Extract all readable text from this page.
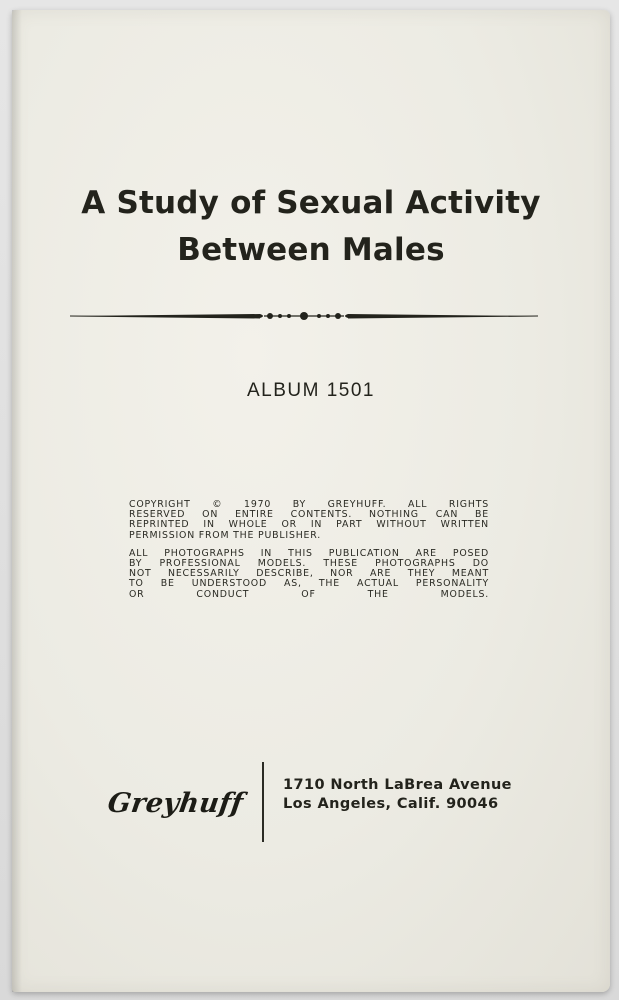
A Study of Sexual Activity
Between Males
ALBUM 1501

COPYRIGHT © 1970 BY GREYHUFF. ALL RIGHTS
RESERVED ON ENTIRE CONTENTS. NOTHING CAN BE
REPRINTED IN WHOLE OR IN PART WITHOUT WRITTEN
PERMISSION FROM THE PUBLISHER.

ALL PHOTOGRAPHS IN THIS PUBLICATION ARE POSED
BY PROFESSIONAL MODELS. THESE PHOTOGRAPHS DO
NOT NECESSARILY DESCRIBE, NOR ARE THEY MEANT
TO BE UNDERSTOOD AS, THE ACTUAL PERSONALITY
OR CONDUCT OF THE MODELS.

Greyhuff
1710 North LaBrea Avenue
Los Angeles, Calif. 90046
